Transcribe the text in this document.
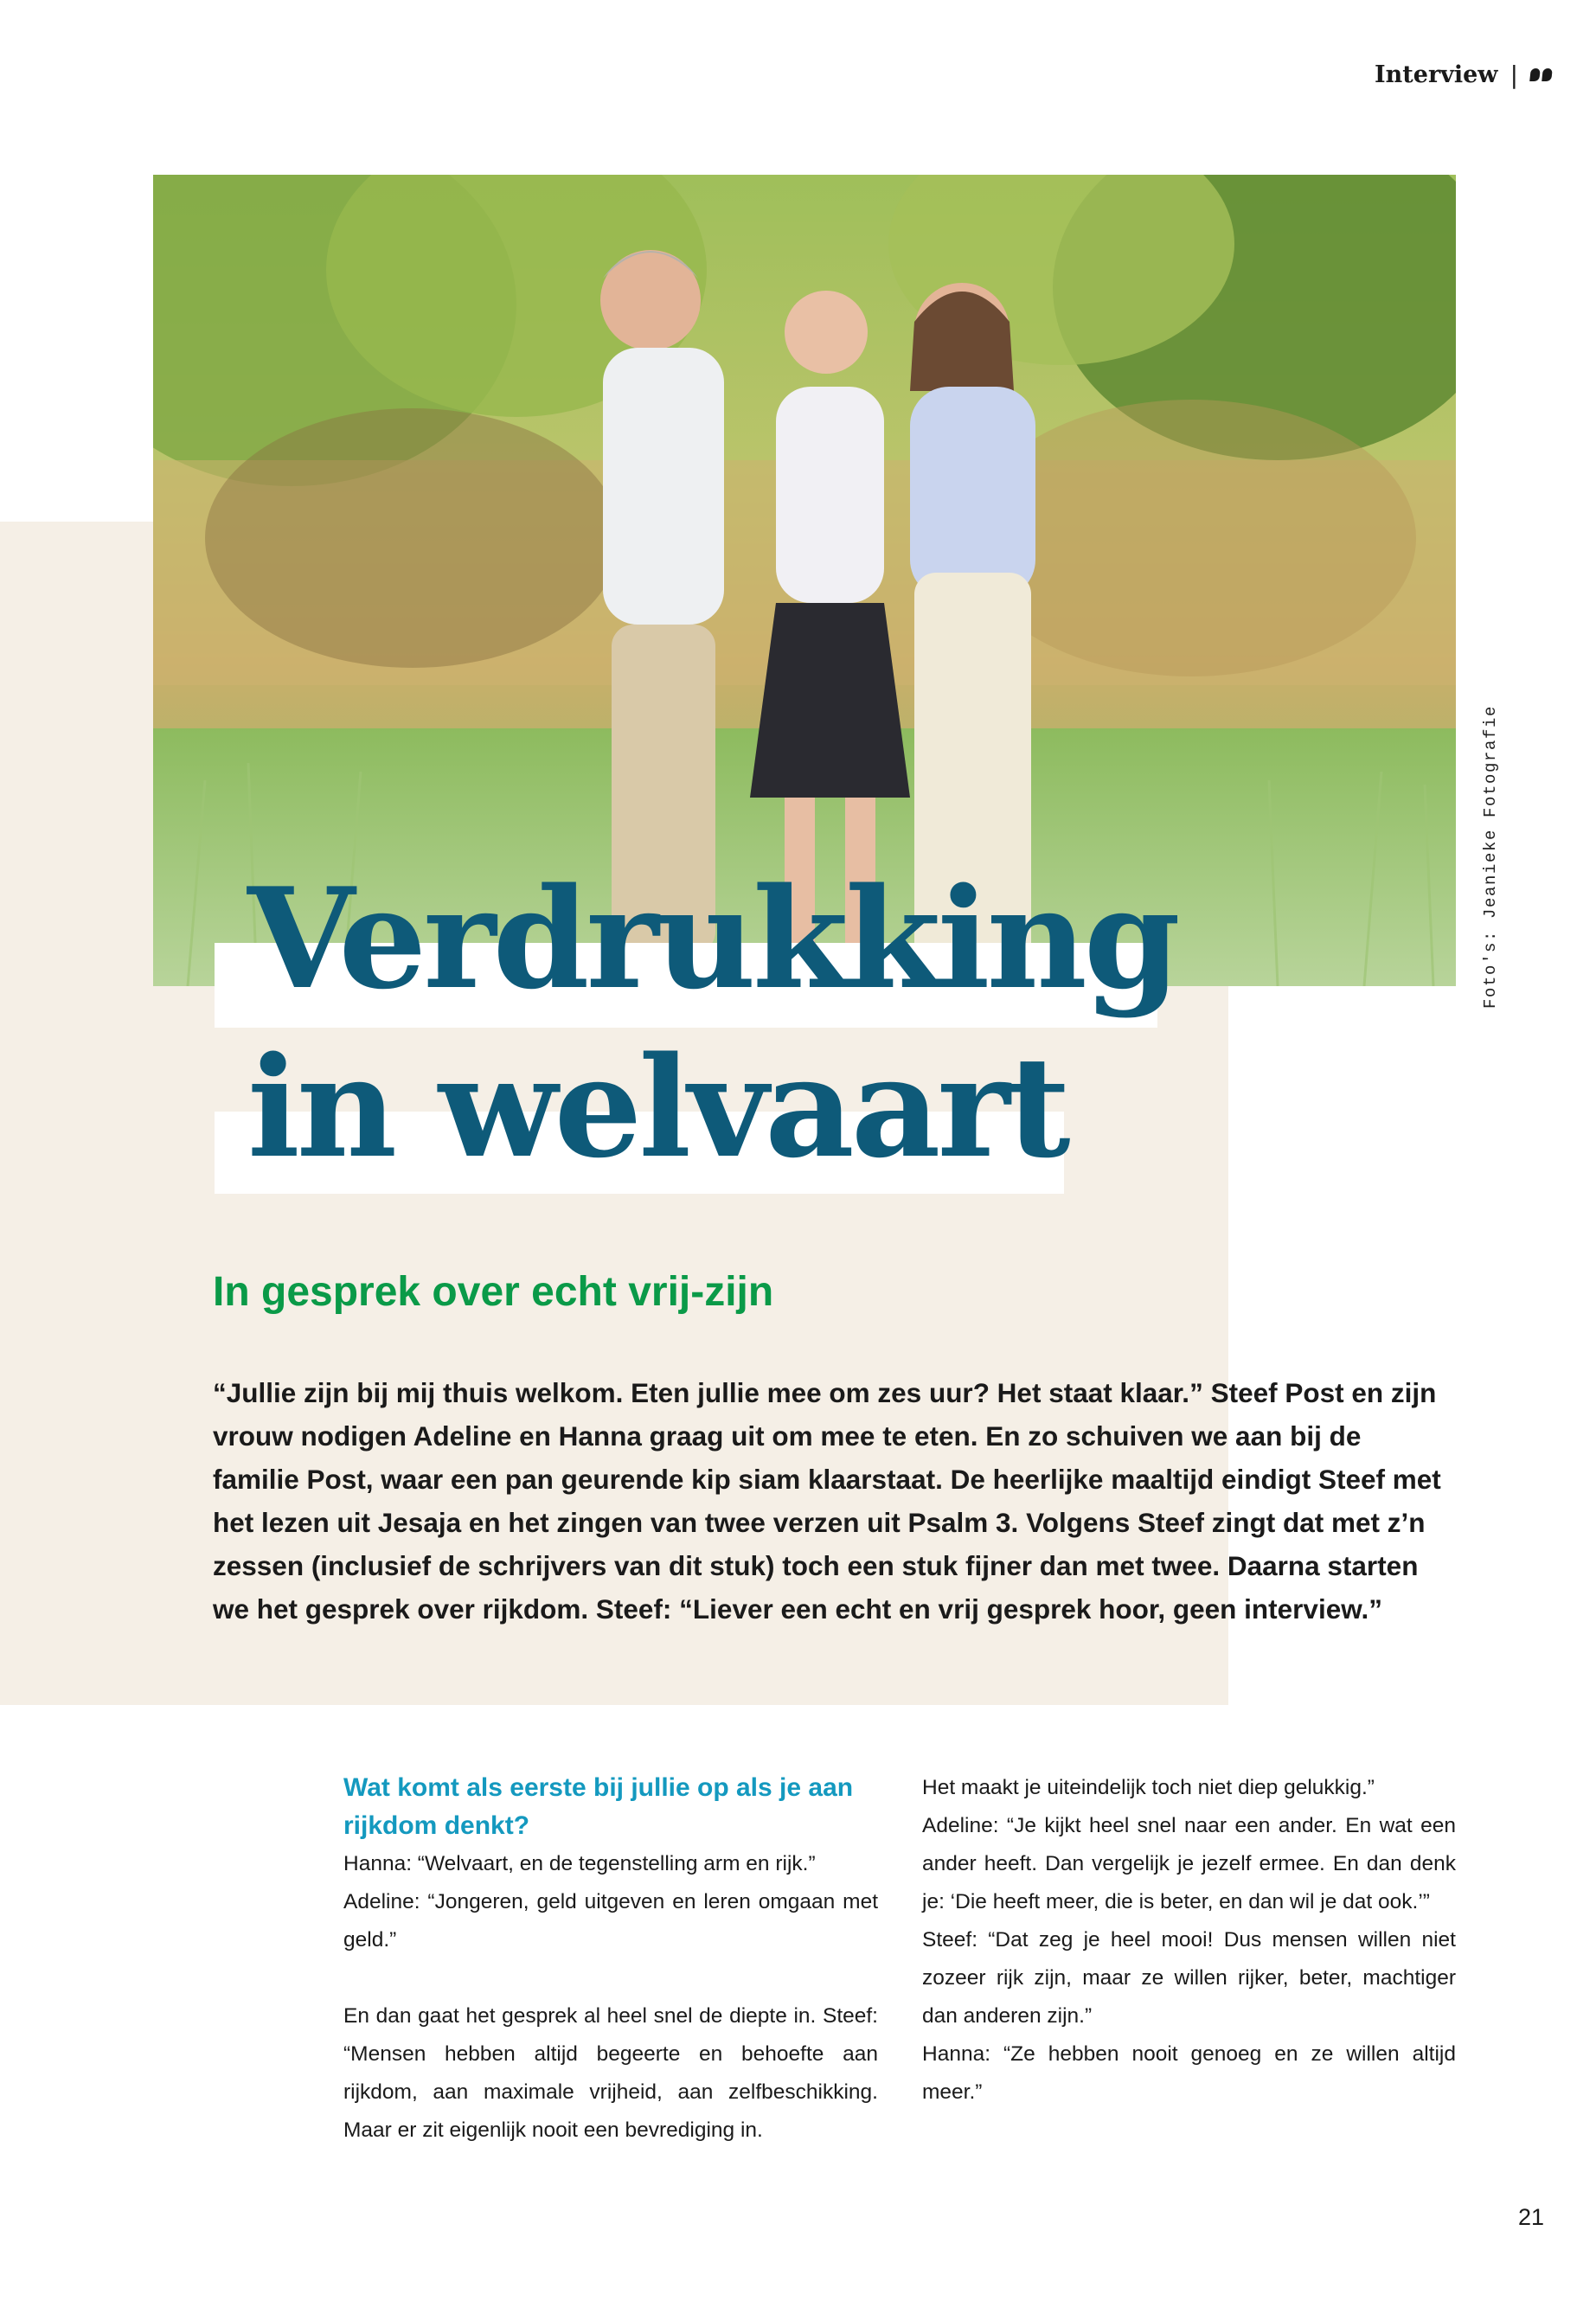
Interview |
Foto's: Jeanieke Fotografie
Verdrukking
in welvaart
In gesprek over echt vrij-zijn

“Jullie zijn bij mij thuis welkom. Eten jullie mee om zes uur? Het staat klaar.” Steef Post en zijn vrouw nodigen Adeline en Hanna graag uit om mee te eten. En zo schuiven we aan bij de familie Post, waar een pan geurende kip siam klaarstaat. De heerlijke maaltijd eindigt Steef met het lezen uit Jesaja en het zingen van twee verzen uit Psalm 3. Volgens Steef zingt dat met z’n zessen (inclusief de schrijvers van dit stuk) toch een stuk fijner dan met twee. Daarna starten we het gesprek over rijkdom. Steef: “Liever een echt en vrij gesprek hoor, geen interview.”

Wat komt als eerste bij jullie op als je aan rijkdom denkt?

Hanna: “Welvaart, en de tegenstelling arm en rijk.”

Adeline: “Jongeren, geld uitgeven en leren omgaan met geld.”

En dan gaat het gesprek al heel snel de diepte in. Steef: “Mensen hebben altijd begeerte en behoefte aan rijkdom, aan maximale vrijheid, aan zelfbeschikking. Maar er zit eigenlijk nooit een bevrediging in.

Het maakt je uiteindelijk toch niet diep gelukkig.”

Adeline: “Je kijkt heel snel naar een ander. En wat een ander heeft. Dan vergelijk je jezelf ermee. En dan denk je: ‘Die heeft meer, die is beter, en dan wil je dat ook.’”

Steef: “Dat zeg je heel mooi! Dus mensen willen niet zozeer rijk zijn, maar ze willen rijker, beter, machtiger dan anderen zijn.”

Hanna: “Ze hebben nooit genoeg en ze willen altijd meer.”

21
